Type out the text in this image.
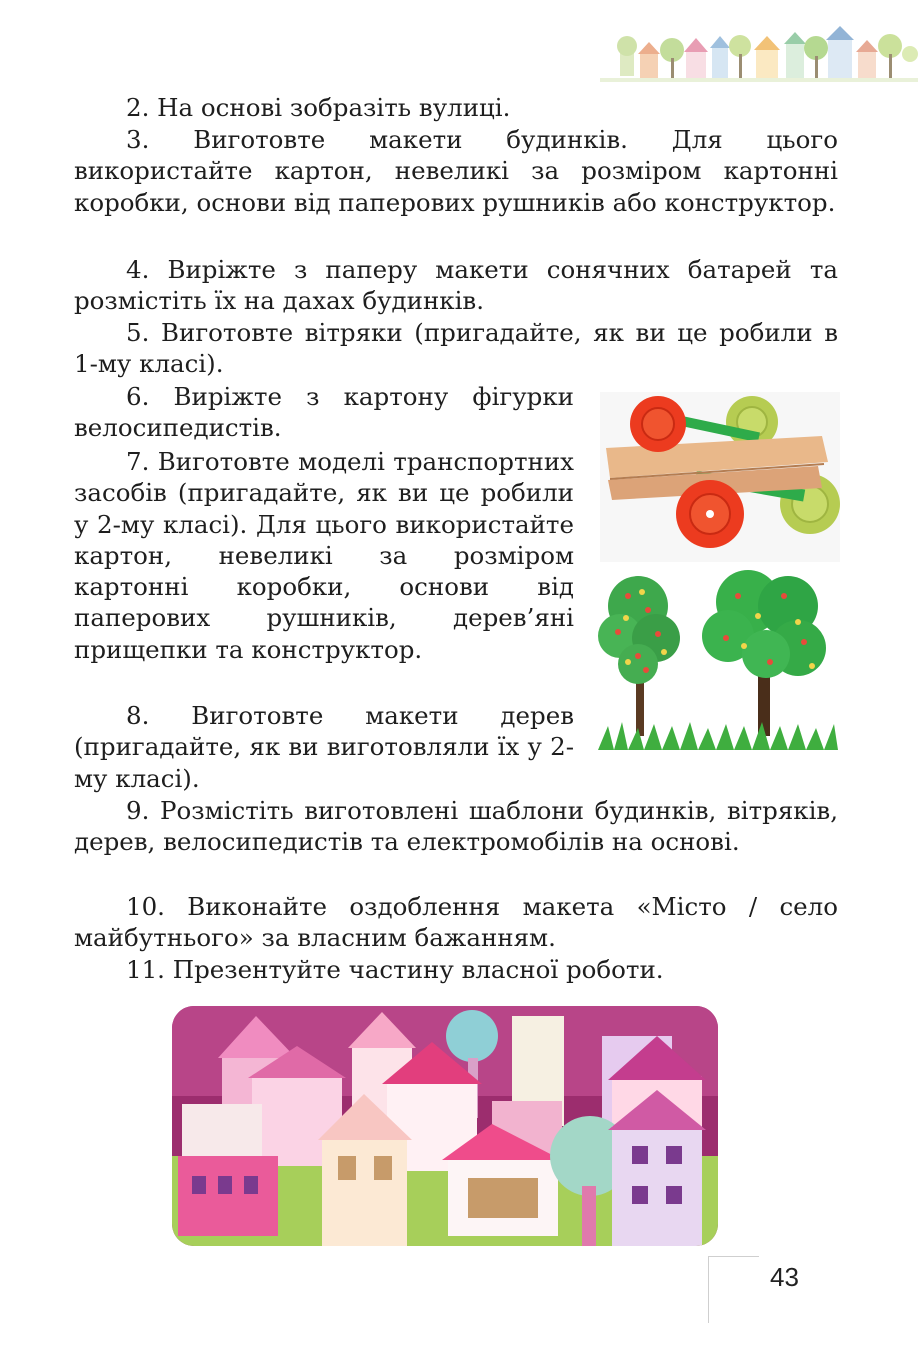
2. На основі зобразіть вулиці.

3. Виготовте макети будинків. Для цього використайте картон, невеликі за розміром картонні коробки, основи від паперових рушників або конструктор.

4. Виріжте з паперу макети сонячних батарей та розмістіть їх на дахах будинків.

5. Виготовте вітряки (пригадайте, як ви це робили в 1-му класі).

6. Виріжте з картону фігурки велосипедистів.

7. Виготовте моделі транспортних засобів (пригадайте, як ви це робили у 2-му класі). Для цього використайте картон, невеликі за розміром картонні коробки, основи від паперових рушників, дерев’яні прищепки та конструктор.

8. Виготовте макети дерев (пригадайте, як ви виготовляли їх у 2-му класі).

9. Розмістіть виготовлені шаблони будинків, вітряків, дерев, велосипедистів та електромобілів на основі.

10. Виконайте оздоблення макета «Місто / село майбутнього» за власним бажанням.

11. Презентуйте частину власної роботи.

43
